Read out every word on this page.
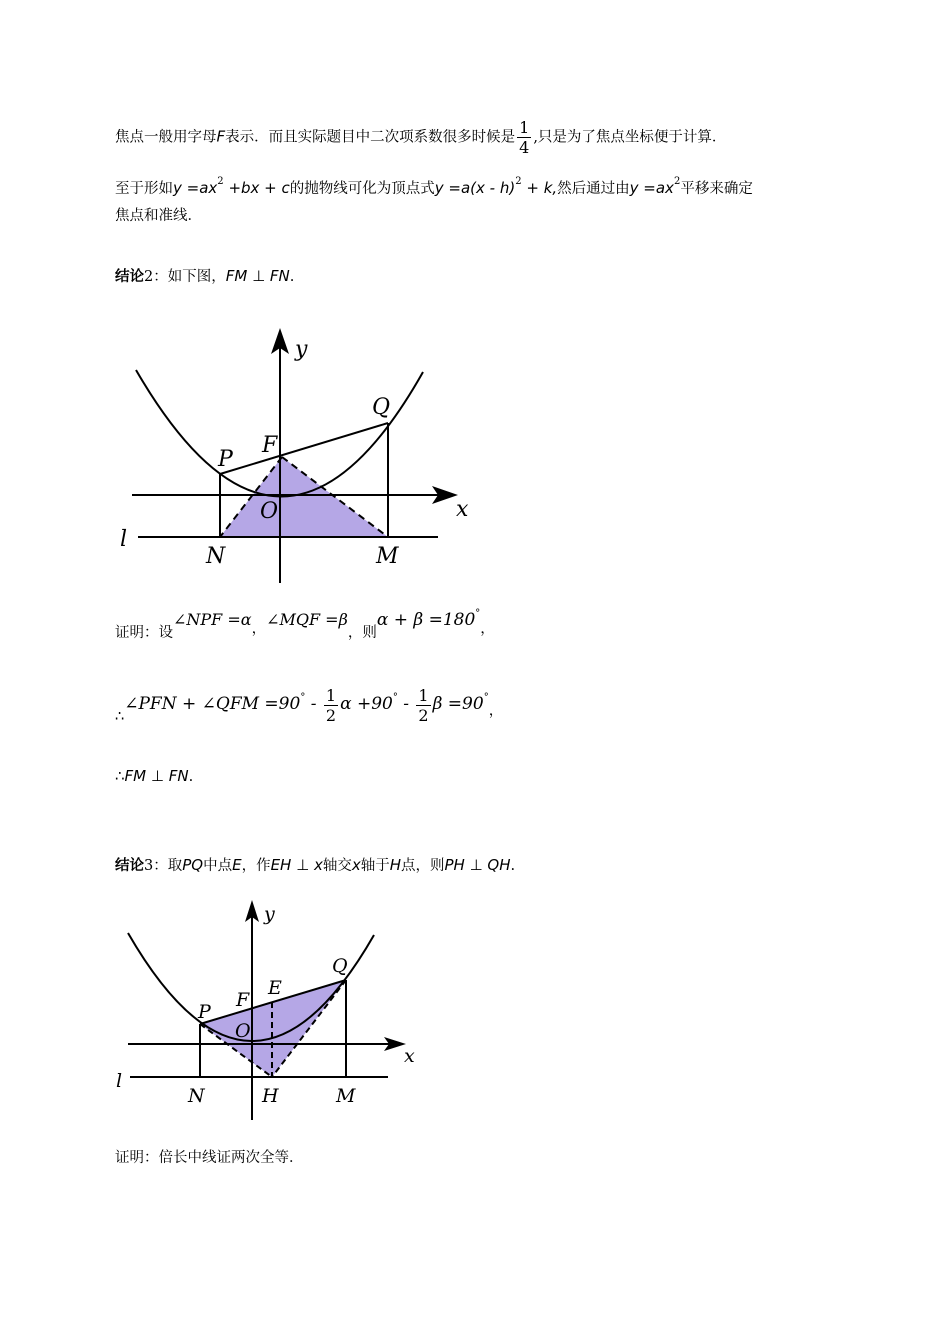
焦点一般用字母F表示．而且实际题目中二次项系数很多时候是 $\frac{1}{4}$ ,只是为了焦点坐标便于计算．
至于形如$y =ax^2 +bx + c$的抛物线可化为顶点式y =a(x - h)$^2$ + k,然后通过由$y =ax^2$平移来确定
焦点和准线．
结论2：如下图，FM ⊥ FN.
y
x
Q
P
F
O
l
N	M
证明：设∠NPF =α，∠MQF =β，则α + β =180°，
∴∠PFN + ∠QFM $=90^\circ - \frac{1}{2}$ $\alpha +90^\circ - \frac{1}{2}$ β =90°，
∴FM ⊥ FN.
结论3：取PQ中点E，作EH ⊥ x轴交x轴于H点，则PH ⊥ QH.
y
x
Q
P
F
E
O
l
N	H	M
证明：倍长中线证两次全等．
